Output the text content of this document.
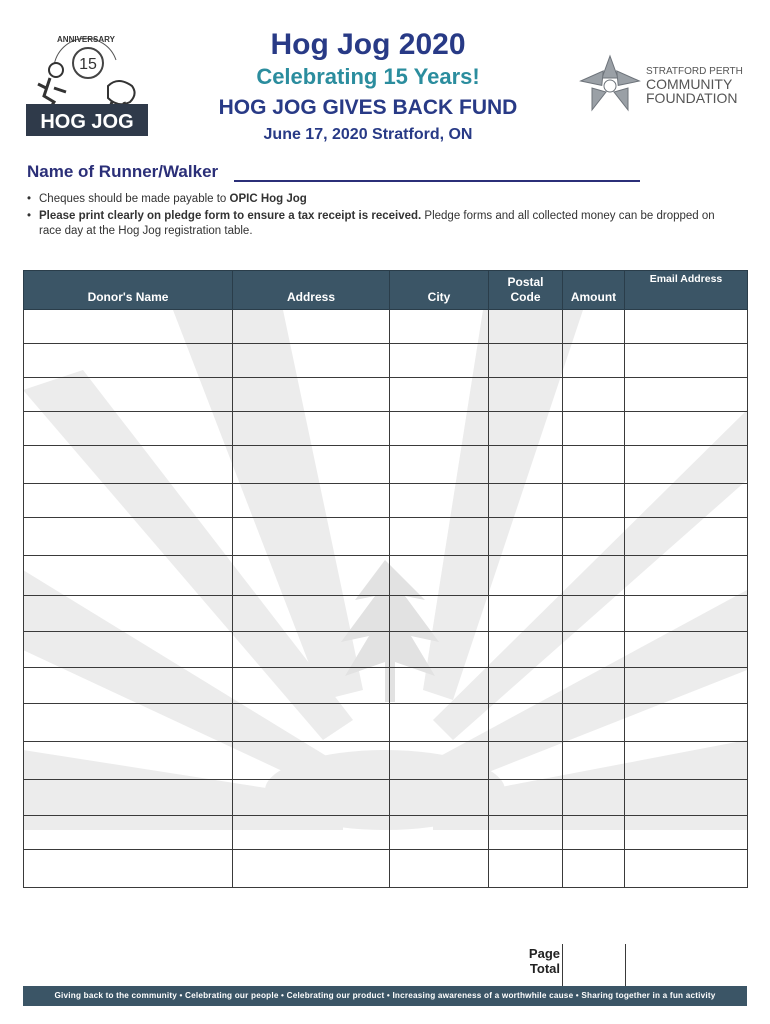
15
ANNIVERSARY
HOG JOG
Hog Jog 2020
Celebrating 15 Years!
HOG JOG GIVES BACK FUND
June 17, 2020 Stratford, ON
STRATFORD PERTH
COMMUNITY
FOUNDATION
Name of Runner/Walker
• Cheques should be made payable to OPIC Hog Jog
• Please print clearly on pledge form to ensure a tax receipt is received. Pledge forms and all collected money can be dropped on race day at the Hog Jog registration table.
Donor's Name	Address	City	Postal Code	Amount	Email Address

Page
Total
Giving back to the community • Celebrating our people • Celebrating our product • Increasing awareness of a worthwhile cause • Sharing together in a fun activity
